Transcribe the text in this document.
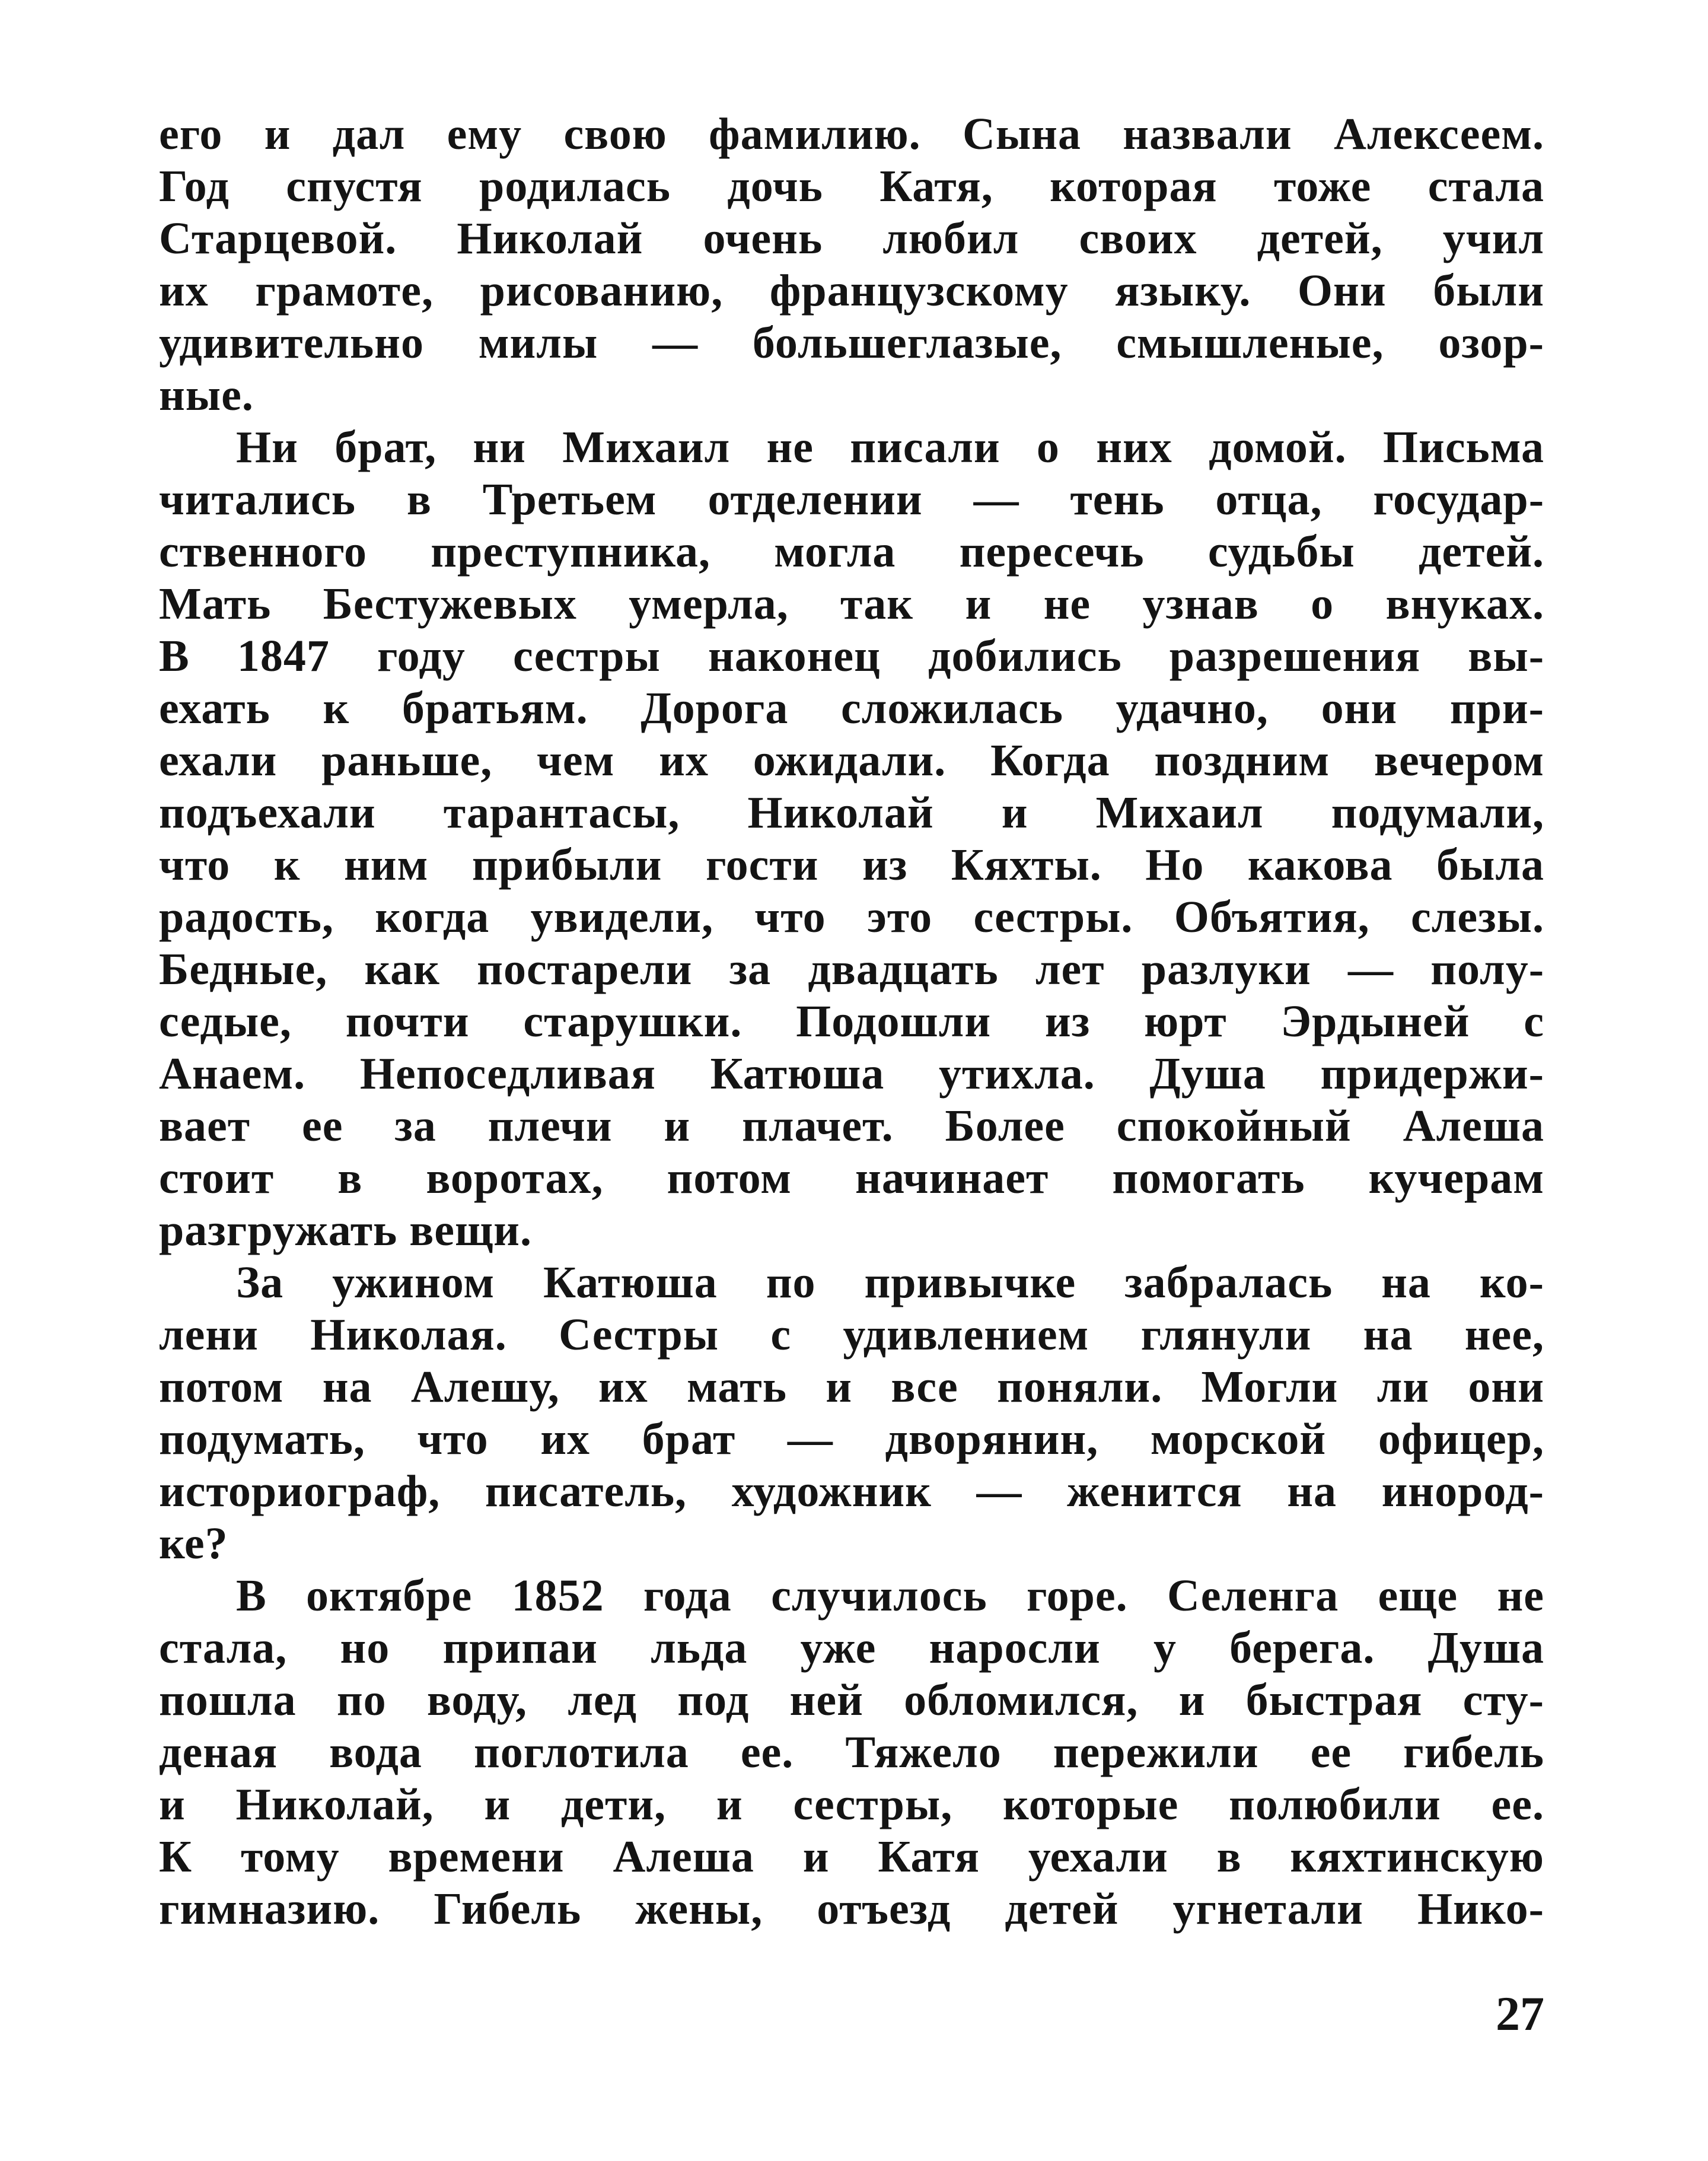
его и дал ему свою фамилию. Сына назвали Алексеем.
Год спустя родилась дочь Катя, которая тоже стала
Старцевой. Николай очень любил своих детей, учил
их грамоте, рисованию, французскому языку. Они были
удивительно милы — большеглазые, смышленые, озор-
ные.
Ни брат, ни Михаил не писали о них домой. Письма
читались в Третьем отделении — тень отца, государ-
ственного преступника, могла пересечь судьбы детей.
Мать Бестужевых умерла, так и не узнав о внуках.
В 1847 году сестры наконец добились разрешения вы-
ехать к братьям. Дорога сложилась удачно, они при-
ехали раньше, чем их ожидали. Когда поздним вечером
подъехали тарантасы, Николай и Михаил подумали,
что к ним прибыли гости из Кяхты. Но какова была
радость, когда увидели, что это сестры. Объятия, слезы.
Бедные, как постарели за двадцать лет разлуки — полу-
седые, почти старушки. Подошли из юрт Эрдыней с
Анаем. Непоседливая Катюша утихла. Душа придержи-
вает ее за плечи и плачет. Более спокойный Алеша
стоит в воротах, потом начинает помогать кучерам
разгружать вещи.
За ужином Катюша по привычке забралась на ко-
лени Николая. Сестры с удивлением глянули на нее,
потом на Алешу, их мать и все поняли. Могли ли они
подумать, что их брат — дворянин, морской офицер,
историограф, писатель, художник — женится на инород-
ке?
В октябре 1852 года случилось горе. Селенга еще не
стала, но припаи льда уже наросли у берега. Душа
пошла по воду, лед под ней обломился, и быстрая сту-
деная вода поглотила ее. Тяжело пережили ее гибель
и Николай, и дети, и сестры, которые полюбили ее.
К тому времени Алеша и Катя уехали в кяхтинскую
гимназию. Гибель жены, отъезд детей угнетали Нико-
27
